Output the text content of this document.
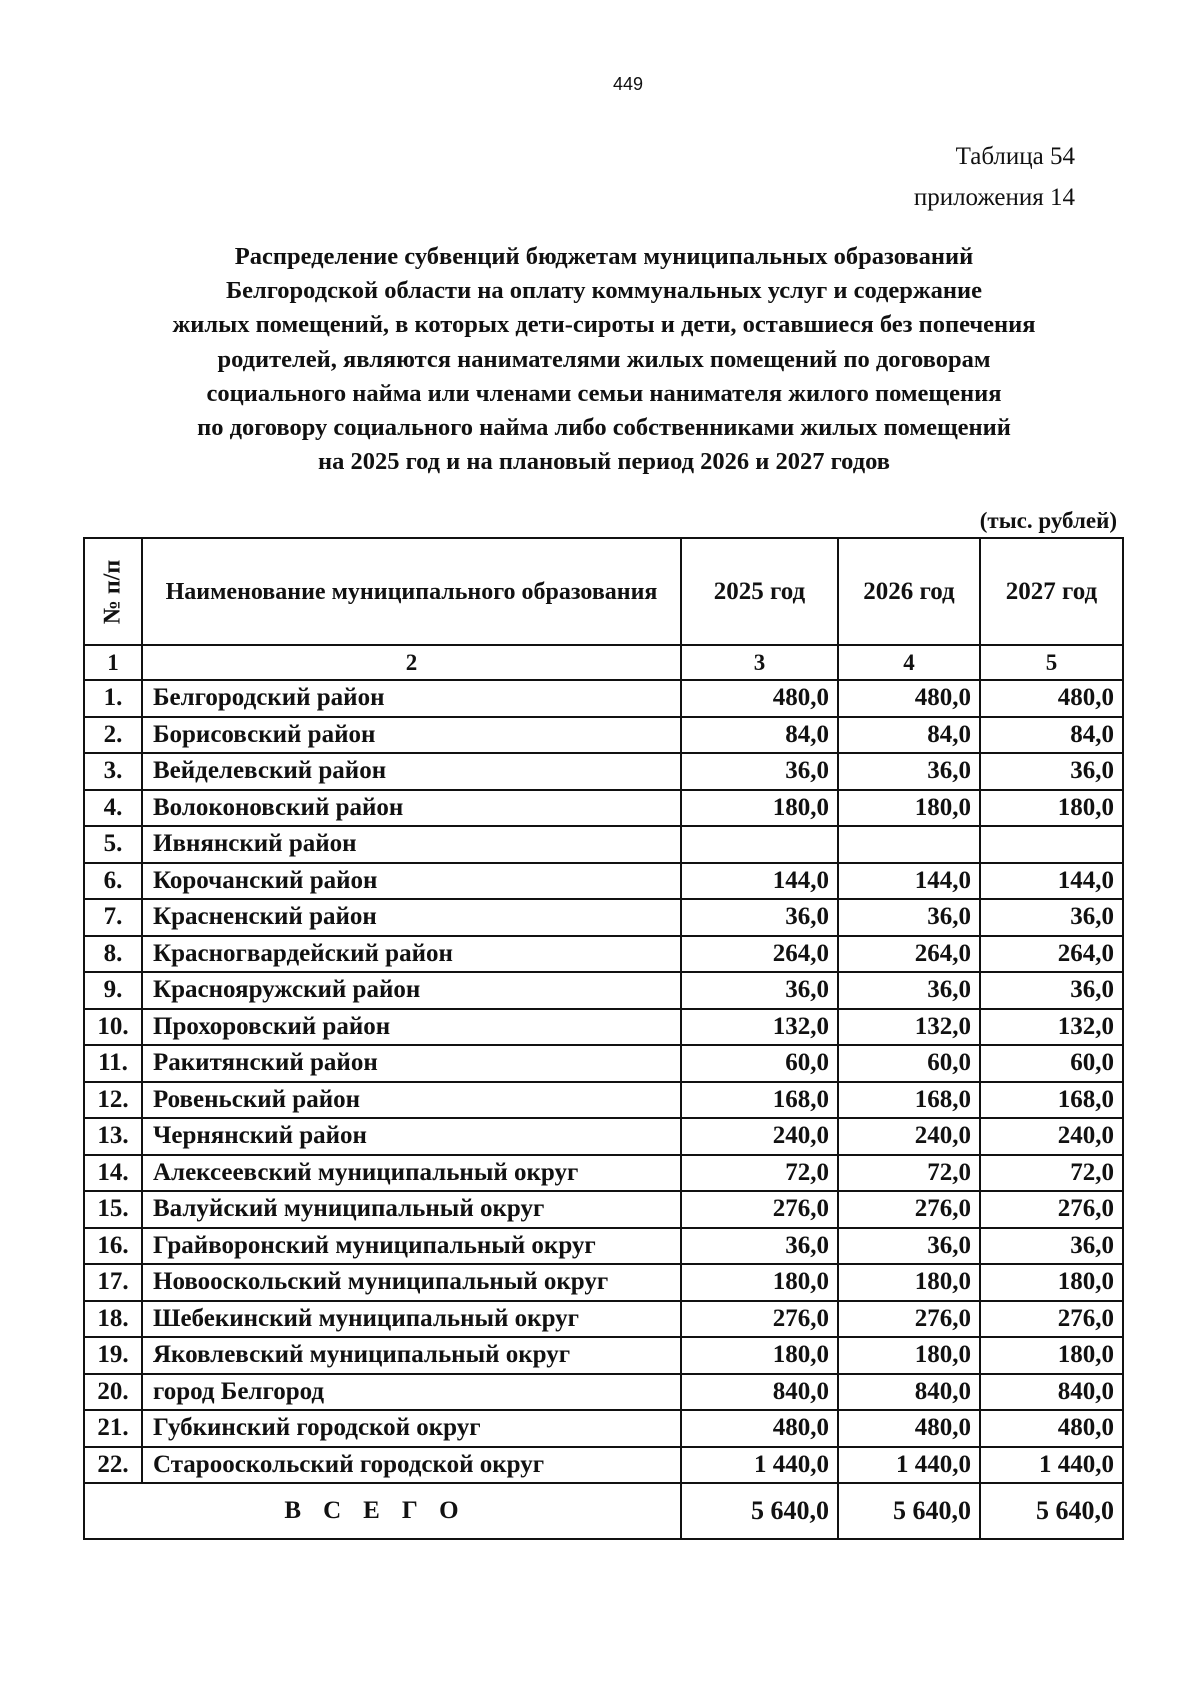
449
Таблица 54
приложения 14
Распределение субвенций бюджетам муниципальных образований
Белгородской области на оплату коммунальных услуг и содержание
жилых помещений, в которых дети-сироты и дети, оставшиеся без попечения
родителей, являются нанимателями жилых помещений по договорам
социального найма или членами семьи нанимателя жилого помещения
по договору социального найма либо собственниками жилых помещений
на 2025 год и на плановый период 2026 и 2027 годов
(тыс. рублей)
№ п/п	Наименование муниципального образования	2025 год	2026 год	2027 год
1	2	3	4	5
1.	Белгородский район	480,0	480,0	480,0
2.	Борисовский район	84,0	84,0	84,0
3.	Вейделевский район	36,0	36,0	36,0
4.	Волоконовский район	180,0	180,0	180,0
5.	Ивнянский район			
6.	Корочанский район	144,0	144,0	144,0
7.	Красненский район	36,0	36,0	36,0
8.	Красногвардейский район	264,0	264,0	264,0
9.	Краснояружский район	36,0	36,0	36,0
10.	Прохоровский район	132,0	132,0	132,0
11.	Ракитянский район	60,0	60,0	60,0
12.	Ровеньский район	168,0	168,0	168,0
13.	Чернянский район	240,0	240,0	240,0
14.	Алексеевский муниципальный округ	72,0	72,0	72,0
15.	Валуйский муниципальный округ	276,0	276,0	276,0
16.	Грайворонский муниципальный округ	36,0	36,0	36,0
17.	Новооскольский муниципальный округ	180,0	180,0	180,0
18.	Шебекинский муниципальный округ	276,0	276,0	276,0
19.	Яковлевский муниципальный округ	180,0	180,0	180,0
20.	город Белгород	840,0	840,0	840,0
21.	Губкинский городской округ	480,0	480,0	480,0
22.	Старооскольский городской округ	1 440,0	1 440,0	1 440,0
ВСЕГО		5 640,0	5 640,0	5 640,0
